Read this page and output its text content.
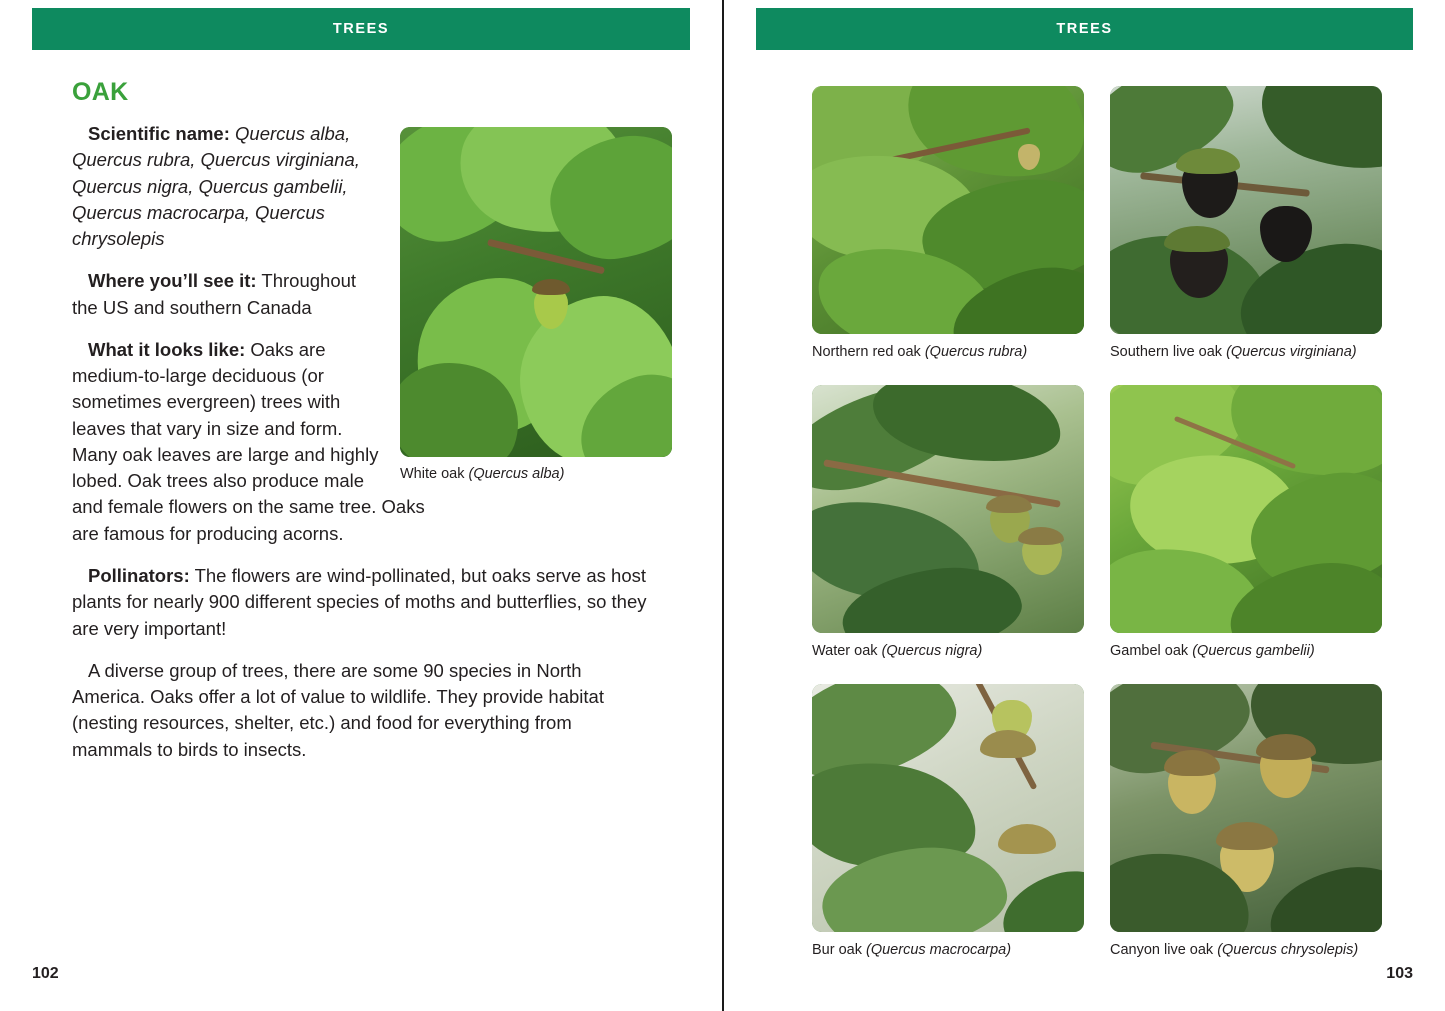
TREES
OAK
White oak (Quercus alba)

Scientific name: Quercus alba, Quercus rubra, Quercus virginiana, Quercus nigra, Quercus gambelii, Quercus macrocarpa, Quercus chrysolepis

Where you’ll see it: Throughout the US and southern Canada

What it looks like: Oaks are medium-to-large deciduous (or sometimes evergreen) trees with leaves that vary in size and form. Many oak leaves are large and highly lobed. Oak trees also produce male and female flowers on the same tree. Oaks are famous for producing acorns.

Pollinators: The flowers are wind-pollinated, but oaks serve as host plants for nearly 900 different species of moths and butterflies, so they are very important!

A diverse group of trees, there are some 90 species in North America. Oaks offer a lot of value to wildlife. They provide habitat (nesting resources, shelter, etc.) and food for everything from mammals to birds to insects.

102
TREES
Northern red oak (Quercus rubra)	Southern live oak (Quercus virginiana)
Water oak (Quercus nigra)	Gambel oak (Quercus gambelii)
Bur oak (Quercus macrocarpa)	Canyon live oak (Quercus chrysolepis)
103
